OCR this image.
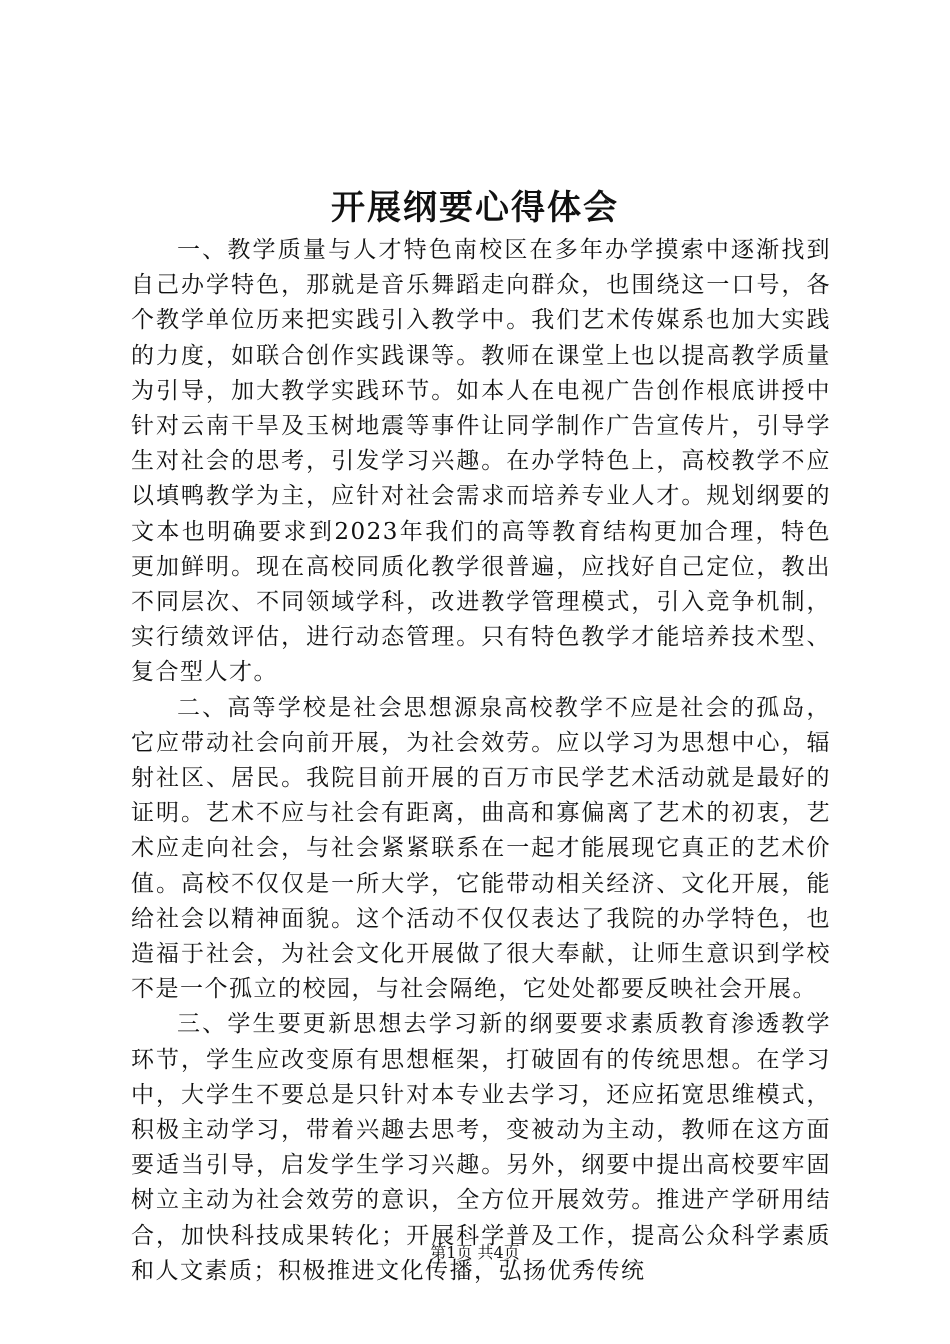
开展纲要心得体会

一、教学质量与人才特色南校区在多年办学摸索中逐渐找到自己办学特色，那就是音乐舞蹈走向群众，也围绕这一口号，各个教学单位历来把实践引入教学中。我们艺术传媒系也加大实践的力度，如联合创作实践课等。教师在课堂上也以提高教学质量为引导，加大教学实践环节。如本人在电视广告创作根底讲授中针对云南干旱及玉树地震等事件让同学制作广告宣传片，引导学生对社会的思考，引发学习兴趣。在办学特色上，高校教学不应以填鸭教学为主，应针对社会需求而培养专业人才。规划纲要的文本也明确要求到2023年我们的高等教育结构更加合理，特色更加鲜明。现在高校同质化教学很普遍，应找好自己定位，教出不同层次、不同领域学科，改进教学管理模式，引入竞争机制，实行绩效评估，进行动态管理。只有特色教学才能培养技术型、复合型人才。

二、高等学校是社会思想源泉高校教学不应是社会的孤岛，它应带动社会向前开展，为社会效劳。应以学习为思想中心，辐射社区、居民。我院目前开展的百万市民学艺术活动就是最好的证明。艺术不应与社会有距离，曲高和寡偏离了艺术的初衷，艺术应走向社会，与社会紧紧联系在一起才能展现它真正的艺术价值。高校不仅仅是一所大学，它能带动相关经济、文化开展，能给社会以精神面貌。这个活动不仅仅表达了我院的办学特色，也造福于社会，为社会文化开展做了很大奉献，让师生意识到学校不是一个孤立的校园，与社会隔绝，它处处都要反映社会开展。

三、学生要更新思想去学习新的纲要要求素质教育渗透教学环节，学生应改变原有思想框架，打破固有的传统思想。在学习中，大学生不要总是只针对本专业去学习，还应拓宽思维模式，积极主动学习，带着兴趣去思考，变被动为主动，教师在这方面要适当引导，启发学生学习兴趣。另外，纲要中提出高校要牢固树立主动为社会效劳的意识，全方位开展效劳。推进产学研用结合，加快科技成果转化；开展科学普及工作，提高公众科学素质和人文素质；积极推进文化传播，弘扬优秀传统

第1页 共4页
